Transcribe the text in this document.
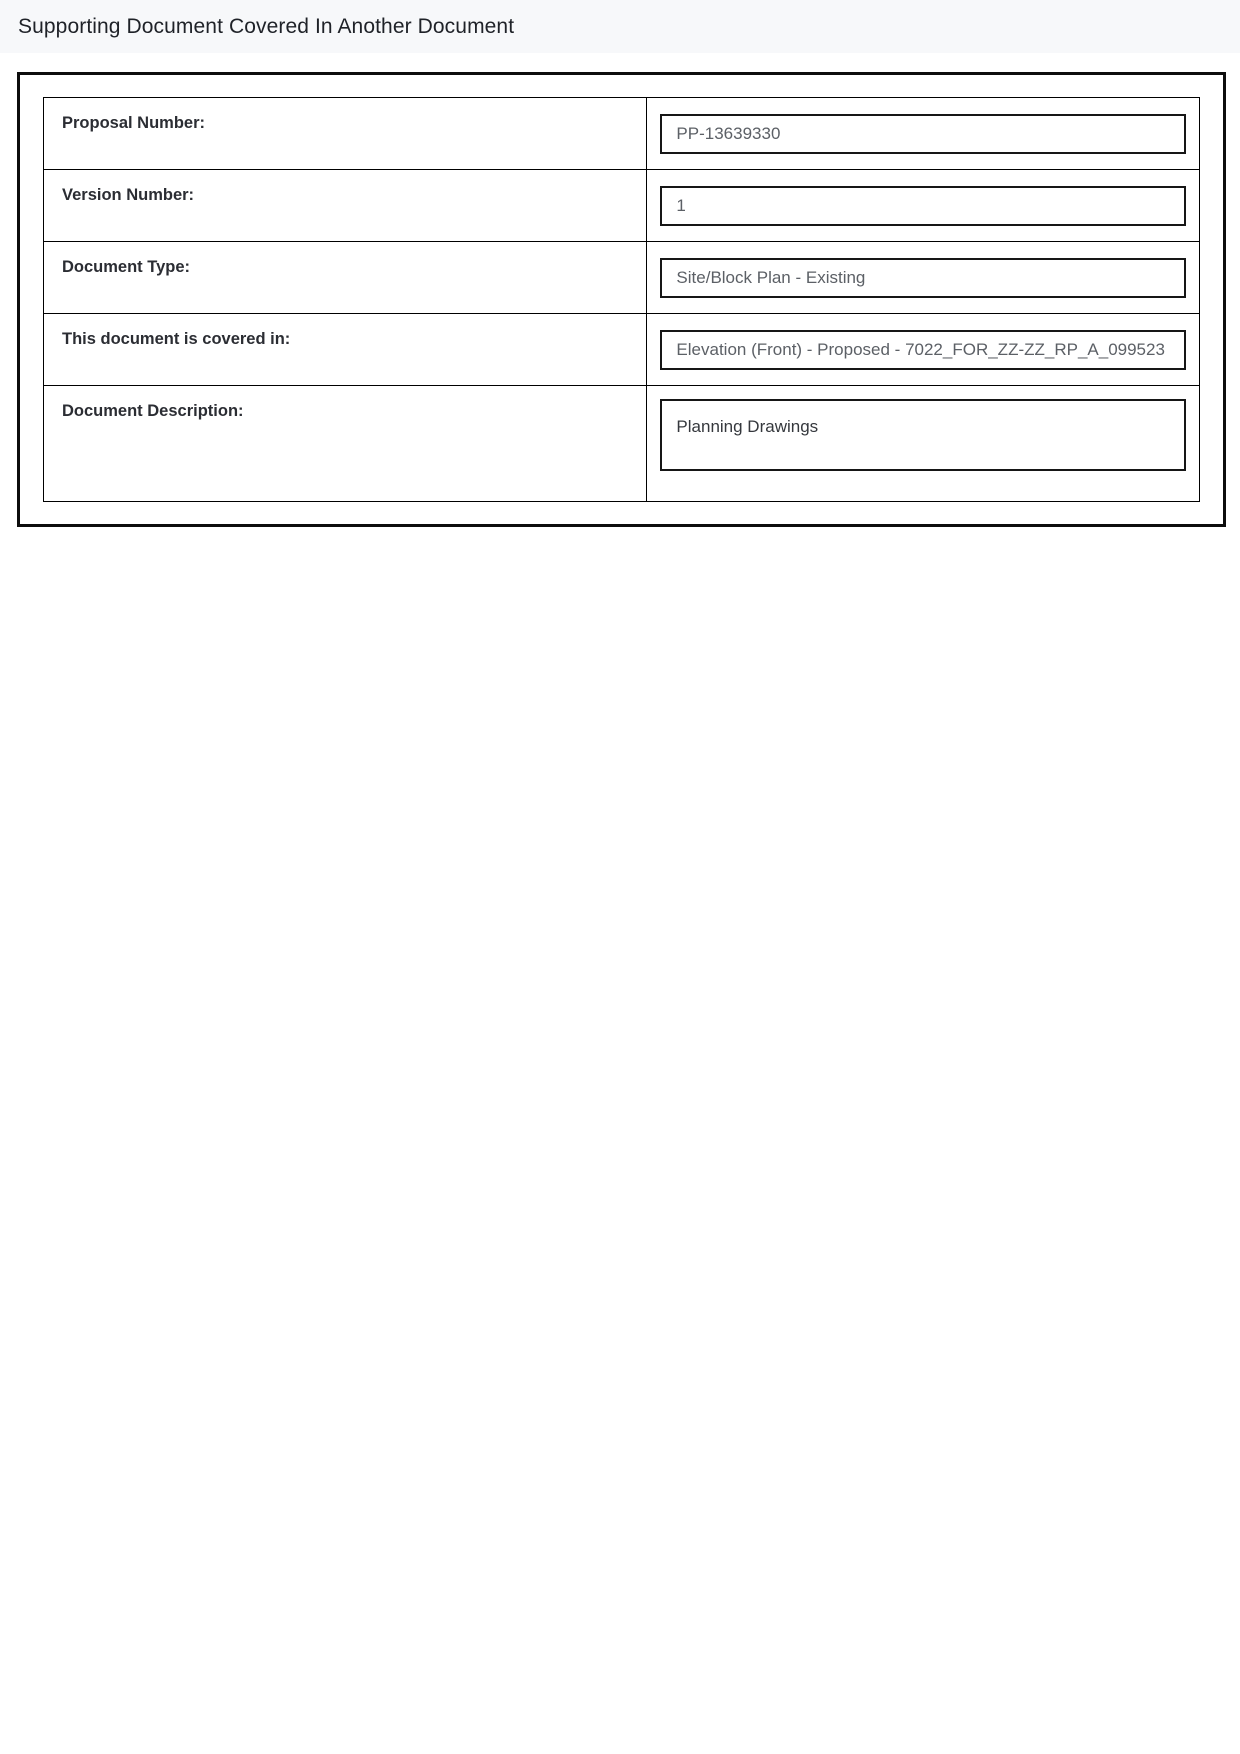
Supporting Document Covered In Another Document
Proposal Number:	
PP-13639330
Version Number:	
1
Document Type:	
Site/Block Plan - Existing
This document is covered in:	
Elevation (Front) - Proposed - 7022_FOR_ZZ-ZZ_RP_A_099523
Document Description:	
Planning Drawings
